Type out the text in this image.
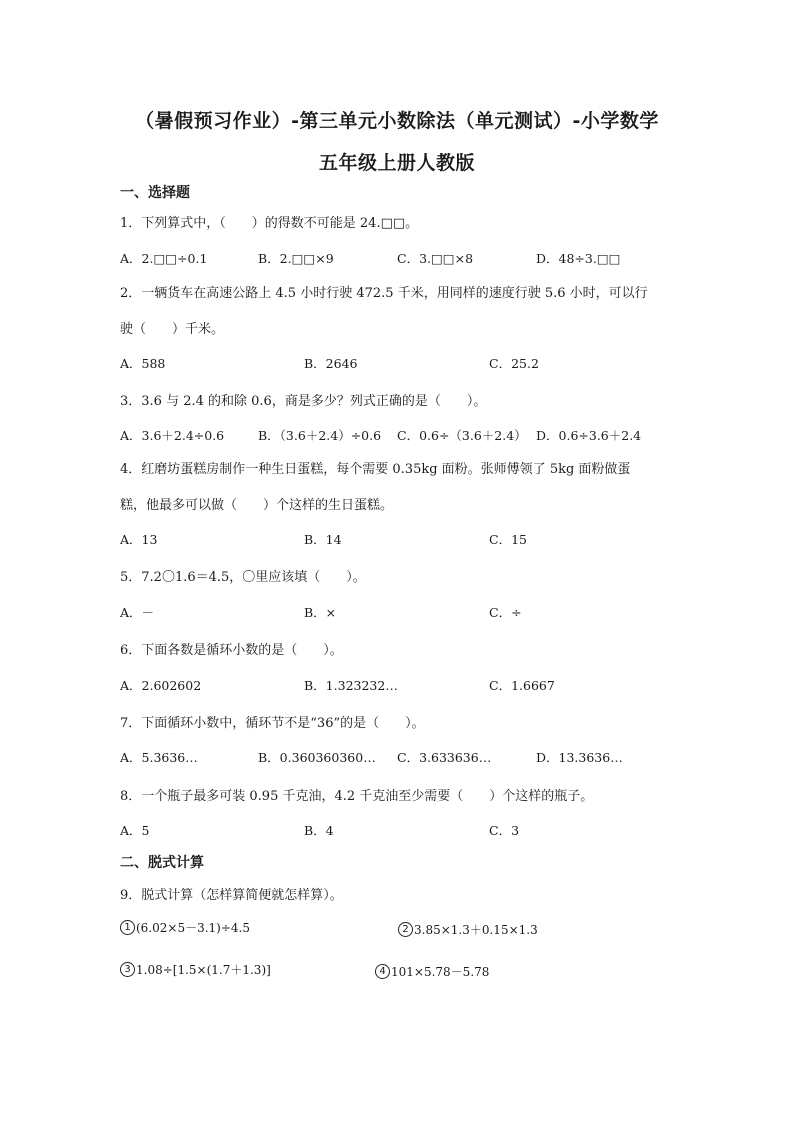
（暑假预习作业）-第三单元小数除法（单元测试）-小学数学
五年级上册人教版
一、选择题
1．下列算式中，（　　）的得数不可能是 24.□□。
A．2.□□÷0.1	B．2.□□×9	C．3.□□×8	D．48÷3.□□
2．一辆货车在高速公路上 4.5 小时行驶 472.5 千米，用同样的速度行驶 5.6 小时，可以行
驶（　　）千米。
A．588	B．2646	C．25.2
3．3.6 与 2.4 的和除 0.6，商是多少？列式正确的是（　　）。
A．3.6＋2.4÷0.6	B．（3.6＋2.4）÷0.6 C．0.6÷（3.6＋2.4） D．0.6÷3.6＋2.4
4．红磨坊蛋糕房制作一种生日蛋糕，每个需要 0.35kg 面粉。张师傅领了 5kg 面粉做蛋
糕，他最多可以做（　　）个这样的生日蛋糕。
A．13	B．14	C．15
5．7.2〇1.6＝4.5，〇里应该填（　　）。
A．－	B．×	C．÷
6．下面各数是循环小数的是（　　）。
A．2.602602	B．1.323232…	C．1.6667
7．下面循环小数中，循环节不是“36”的是（　　）。
A．5.3636…	B．0.360360360… C．3.633636…	D．13.3636…
8．一个瓶子最多可装 0.95 千克油，4.2 千克油至少需要（　　）个这样的瓶子。
A．5	B．4	C．3
二、脱式计算
9．脱式计算（怎样算简便就怎样算）。
1 (6.02×5－3.1)÷4.5	2 3.85×1.3＋0.15×1.3
3 1.08÷[1.5×(1.7＋1.3)]	4 101×5.78－5.78
